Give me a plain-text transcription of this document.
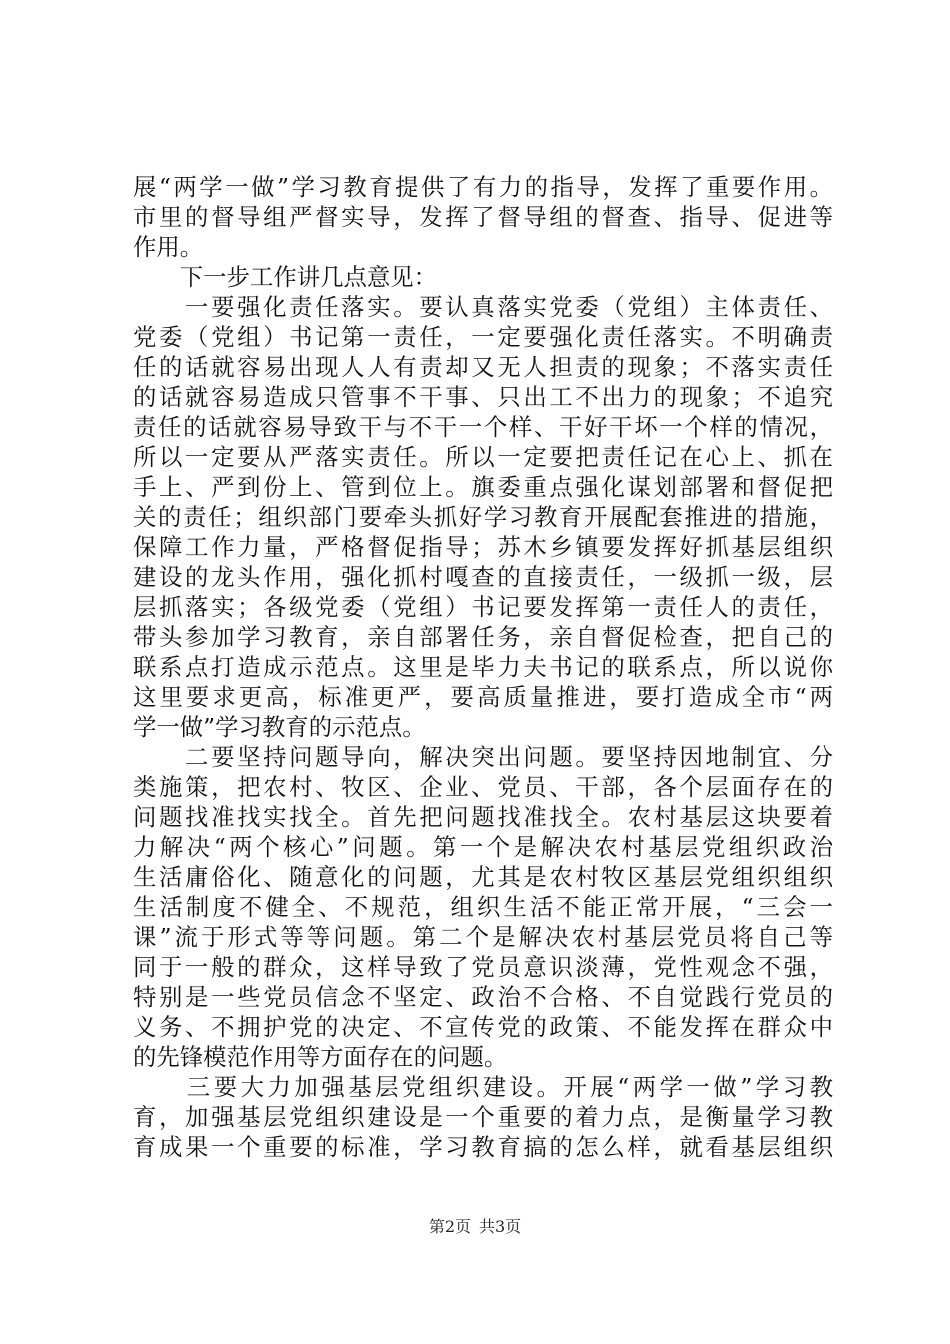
展“两学一做”学习教育提供了有力的指导，发挥了重要作用。
市里的督导组严督实导，发挥了督导组的督查、指导、促进等
作用。
　　下一步工作讲几点意见：
　　一要强化责任落实。要认真落实党委（党组）主体责任、
党委（党组）书记第一责任，一定要强化责任落实。不明确责
任的话就容易出现人人有责却又无人担责的现象；不落实责任
的话就容易造成只管事不干事、只出工不出力的现象；不追究
责任的话就容易导致干与不干一个样、干好干坏一个样的情况，
所以一定要从严落实责任。所以一定要把责任记在心上、抓在
手上、严到份上、管到位上。旗委重点强化谋划部署和督促把
关的责任；组织部门要牵头抓好学习教育开展配套推进的措施，
保障工作力量，严格督促指导；苏木乡镇要发挥好抓基层组织
建设的龙头作用，强化抓村嘎查的直接责任，一级抓一级，层
层抓落实；各级党委（党组）书记要发挥第一责任人的责任，
带头参加学习教育，亲自部署任务，亲自督促检查，把自己的
联系点打造成示范点。这里是毕力夫书记的联系点，所以说你
这里要求更高，标准更严，要高质量推进，要打造成全市“两
学一做”学习教育的示范点。
　　二要坚持问题导向，解决突出问题。要坚持因地制宜、分
类施策，把农村、牧区、企业、党员、干部，各个层面存在的
问题找准找实找全。首先把问题找准找全。农村基层这块要着
力解决“两个核心”问题。第一个是解决农村基层党组织政治
生活庸俗化、随意化的问题，尤其是农村牧区基层党组织组织
生活制度不健全、不规范，组织生活不能正常开展，“三会一
课”流于形式等等问题。第二个是解决农村基层党员将自己等
同于一般的群众，这样导致了党员意识淡薄，党性观念不强，
特别是一些党员信念不坚定、政治不合格、不自觉践行党员的
义务、不拥护党的决定、不宣传党的政策、不能发挥在群众中
的先锋模范作用等方面存在的问题。
　　三要大力加强基层党组织建设。开展“两学一做”学习教
育，加强基层党组织建设是一个重要的着力点，是衡量学习教
育成果一个重要的标准，学习教育搞的怎么样，就看基层组织
第2页 共3页
